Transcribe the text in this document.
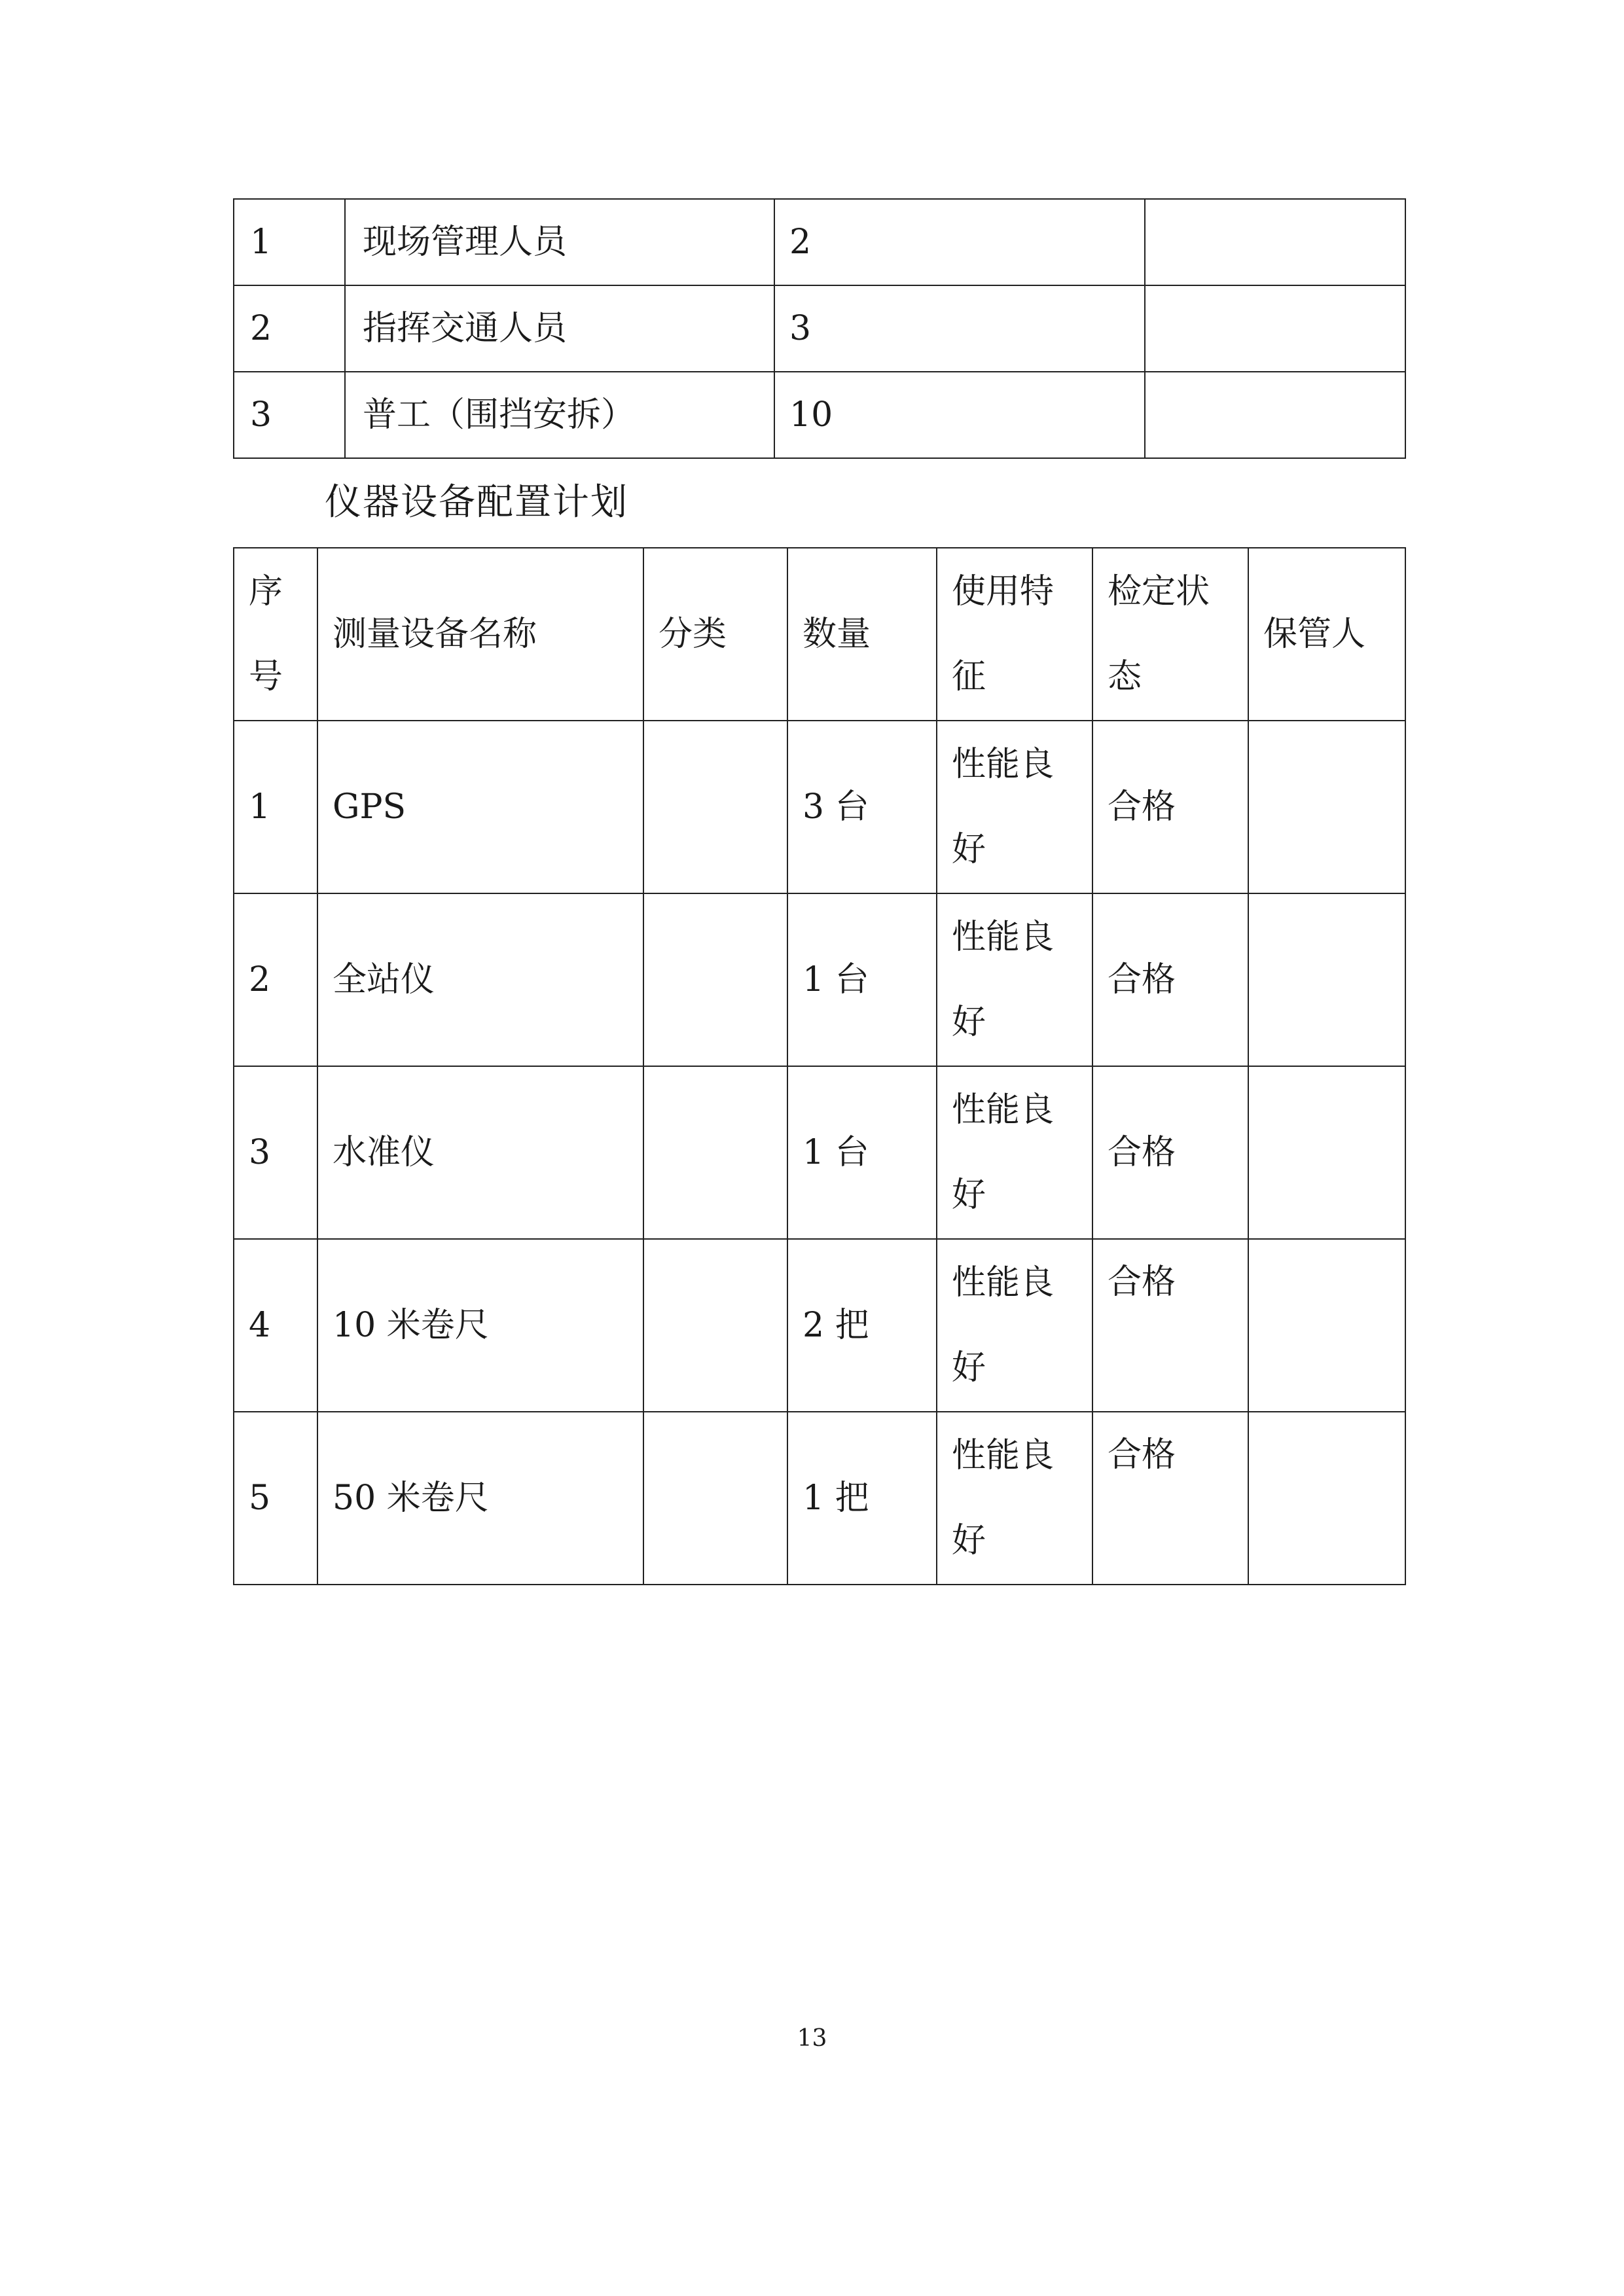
1	现场管理人员	2	
2	指挥交通人员	3	
3	普工（围挡安拆）	10	
仪器设备配置计划
序号	测量设备名称	分类	数量	使用特征	检定状态	保管人
1	GPS		3 台	性能良好	合格	
2	全站仪		1 台	性能良好	合格	
3	水准仪		1 台	性能良好	合格	
4	10 米卷尺		2 把	性能良好	合格	
5	50 米卷尺		1 把	性能良好	合格	
13
